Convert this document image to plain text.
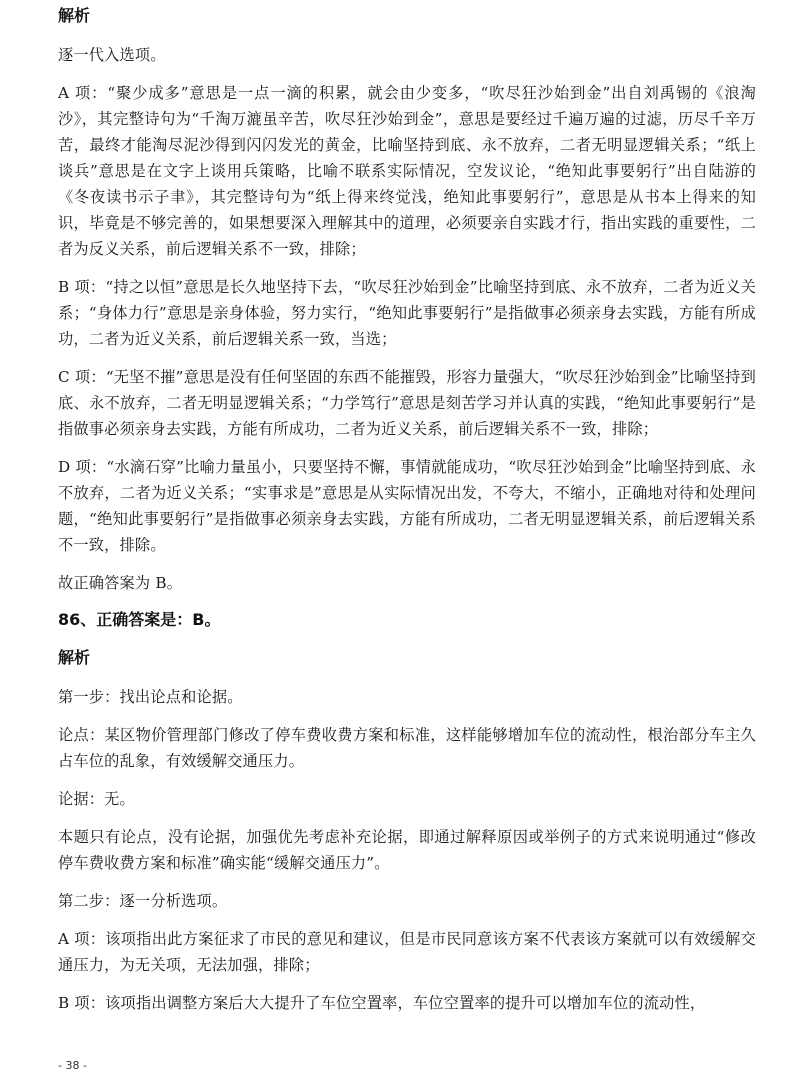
解析

逐一代入选项。

A 项：“聚少成多”意思是一点一滴的积累，就会由少变多，“吹尽狂沙始到金”出自刘禹锡的《浪淘沙》，其完整诗句为“千淘万漉虽辛苦，吹尽狂沙始到金”，意思是要经过千遍万遍的过滤，历尽千辛万苦，最终才能淘尽泥沙得到闪闪发光的黄金，比喻坚持到底、永不放弃，二者无明显逻辑关系；“纸上谈兵”意思是在文字上谈用兵策略，比喻不联系实际情况，空发议论，“绝知此事要躬行”出自陆游的《冬夜读书示子聿》，其完整诗句为“纸上得来终觉浅，绝知此事要躬行”，意思是从书本上得来的知识，毕竟是不够完善的，如果想要深入理解其中的道理，必须要亲自实践才行，指出实践的重要性，二者为反义关系，前后逻辑关系不一致，排除；

B 项：“持之以恒”意思是长久地坚持下去，“吹尽狂沙始到金”比喻坚持到底、永不放弃，二者为近义关系；“身体力行”意思是亲身体验，努力实行，“绝知此事要躬行”是指做事必须亲身去实践，方能有所成功，二者为近义关系，前后逻辑关系一致，当选；

C 项：“无坚不摧”意思是没有任何坚固的东西不能摧毁，形容力量强大，“吹尽狂沙始到金”比喻坚持到底、永不放弃，二者无明显逻辑关系；“力学笃行”意思是刻苦学习并认真的实践，“绝知此事要躬行”是指做事必须亲身去实践，方能有所成功，二者为近义关系，前后逻辑关系不一致，排除；

D 项：“水滴石穿”比喻力量虽小，只要坚持不懈，事情就能成功，“吹尽狂沙始到金”比喻坚持到底、永不放弃，二者为近义关系；“实事求是”意思是从实际情况出发，不夸大，不缩小，正确地对待和处理问题，“绝知此事要躬行”是指做事必须亲身去实践，方能有所成功，二者无明显逻辑关系，前后逻辑关系不一致，排除。

故正确答案为 B。

86、正确答案是：B。
解析

第一步：找出论点和论据。

论点：某区物价管理部门修改了停车费收费方案和标准，这样能够增加车位的流动性，根治部分车主久占车位的乱象，有效缓解交通压力。

论据：无。

本题只有论点，没有论据，加强优先考虑补充论据，即通过解释原因或举例子的方式来说明通过“修改停车费收费方案和标准”确实能“缓解交通压力”。

第二步：逐一分析选项。

A 项：该项指出此方案征求了市民的意见和建议，但是市民同意该方案不代表该方案就可以有效缓解交通压力，为无关项，无法加强，排除；

B 项：该项指出调整方案后大大提升了车位空置率，车位空置率的提升可以增加车位的流动性，

- 38 -
